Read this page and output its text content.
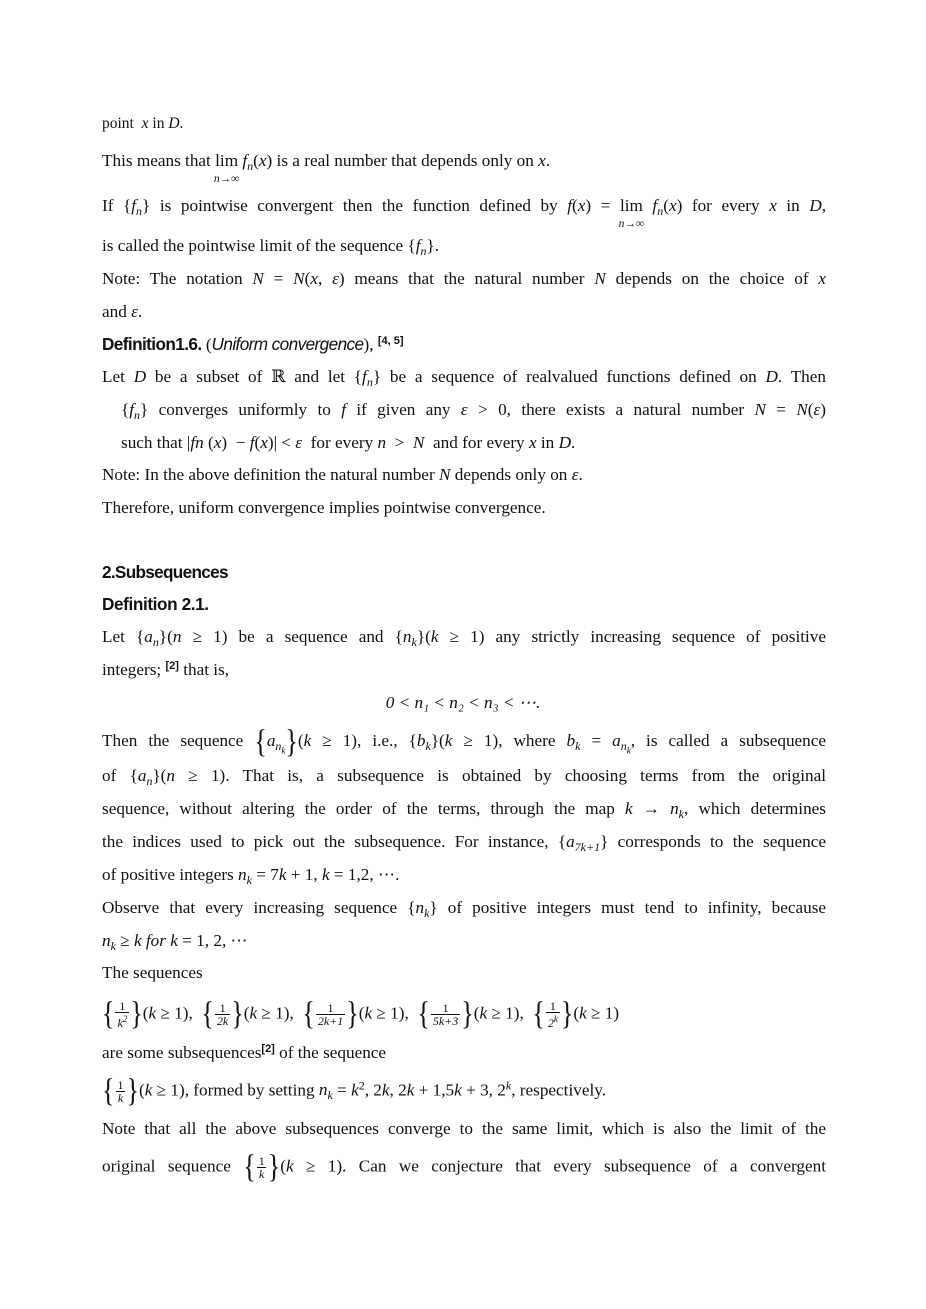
point x in D.
This means that lim
n→∞
$f_n(x)$ is a real number that depends only on x.
If $\{f_n\}$ is pointwise convergent then the function defined by f(x) = lim
n→∞
$f_n(x)$ for every x in D,
is called the pointwise limit of the sequence $\{f_n\}$.
Note: The notation N = N(x, ε) means that the natural number N depends on the choice of x
and ε.
Definition1.6. (Uniform convergence), [4, 5]
Let D be a subset of ℝ and let $\{f_n\}$ be a sequence of realvalued functions defined on D. Then
$\{f_n\}$ converges uniformly to f if given any ε > 0, there exists a natural number N = N(ε)
such that |fn (x)  − f(x)| < ε for every n  >  N and for every x in D.
Note: In the above definition the natural number N depends only on ε.
Therefore, uniform convergence implies pointwise convergence.
2.Subsequences
Definition 2.1.
Let $\{a_n\}(n \ge 1)$ be a sequence and $\{n_k\}(k \ge 1)$ any strictly increasing sequence of positive
integers; [2] that is,
0 < n₁ < n₂ < n₃ < ⋯.
Then the sequence $\{a_{n_k}\}(k \ge 1)$, i.e., $\{b_k\}(k \ge 1)$, where $b_k = a_{n_k}$, is called a subsequence
of $\{a_n\}(n \ge 1)$. That is, a subsequence is obtained by choosing terms from the original
sequence, without altering the order of the terms, through the map $k \to n_k$, which determines
the indices used to pick out the subsequence. For instance, $\{a_{7k+1}\}$ corresponds to the sequence
of positive integers $n_k = 7k + 1$, k = 1,2, ⋯.
Observe that every increasing sequence $\{n_k\}$ of positive integers must tend to infinity, because
$n_k \ge k$ for k = 1, 2, ⋯
The sequences
{ $\frac{1}{k^2} \}(k \ge 1)$,  { $\frac{1}{2k} \}(k \ge 1)$,  { $\frac{1}{2k+1} \}(k \ge 1)$,  { $\frac{1}{5k+3} \}(k \ge 1)$,  { $\frac{1}{2^k} \}(k \ge 1)$
are some subsequences[2] of the sequence
{ $\frac{1}{k} \}(k \ge 1)$, formed by setting $n_k = k^2$, 2k, 2k + 1,5k + 3, 2$^k$, respectively.
Note that all the above subsequences converge to the same limit, which is also the limit of the
original sequence { $\frac{1}{k} \}(k \ge 1)$. Can we conjecture that every subsequence of a convergent
